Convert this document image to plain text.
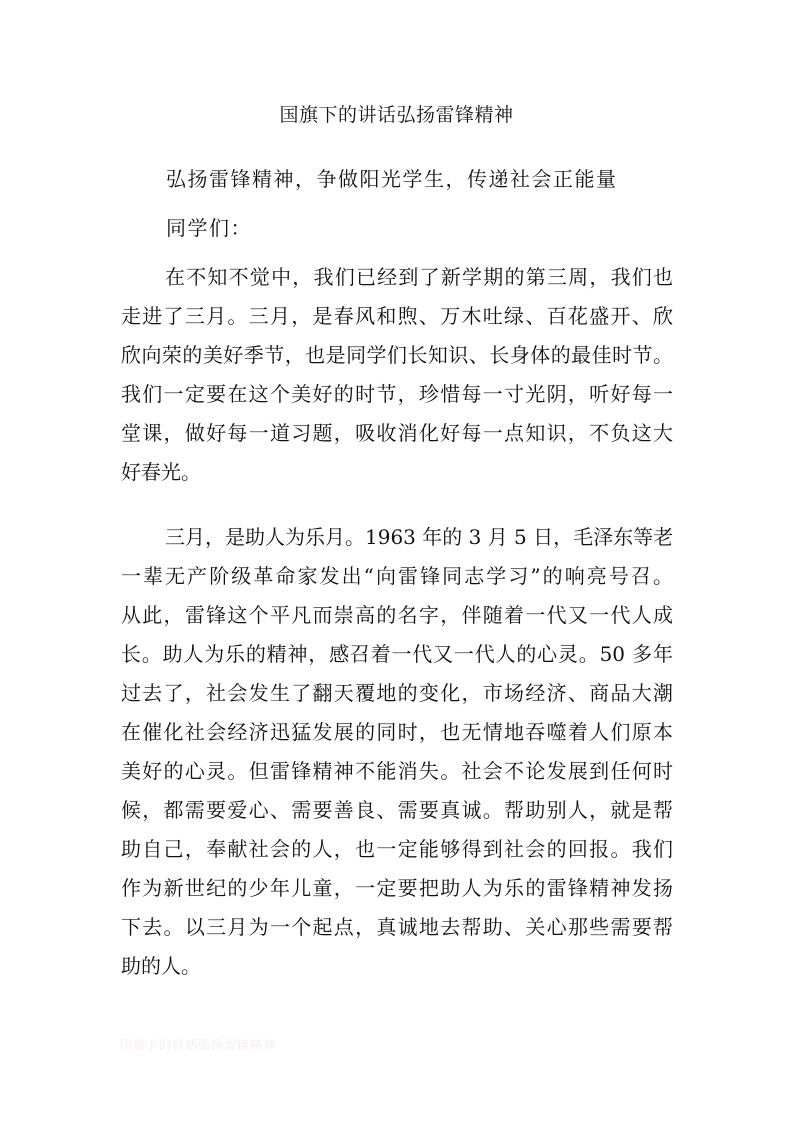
国旗下的讲话弘扬雷锋精神
弘扬雷锋精神，争做阳光学生，传递社会正能量
同学们：
在不知不觉中，我们已经到了新学期的第三周，我们也
走进了三月。三月，是春风和煦、万木吐绿、百花盛开、欣
欣向荣的美好季节，也是同学们长知识、长身体的最佳时节。
我们一定要在这个美好的时节，珍惜每一寸光阴，听好每一
堂课，做好每一道习题，吸收消化好每一点知识，不负这大
好春光。
三月，是助人为乐月。1963 年的 3 月 5 日，毛泽东等老
一辈无产阶级革命家发出“向雷锋同志学习”的响亮号召。
从此，雷锋这个平凡而崇高的名字，伴随着一代又一代人成
长。助人为乐的精神，感召着一代又一代人的心灵。50 多年
过去了，社会发生了翻天覆地的变化，市场经济、商品大潮
在催化社会经济迅猛发展的同时，也无情地吞噬着人们原本
美好的心灵。但雷锋精神不能消失。社会不论发展到任何时
候，都需要爱心、需要善良、需要真诚。帮助别人，就是帮
助自己，奉献社会的人，也一定能够得到社会的回报。我们
作为新世纪的少年儿童，一定要把助人为乐的雷锋精神发扬
下去。以三月为一个起点，真诚地去帮助、关心那些需要帮
助的人。
国旗下的讲话弘扬雷锋精神
